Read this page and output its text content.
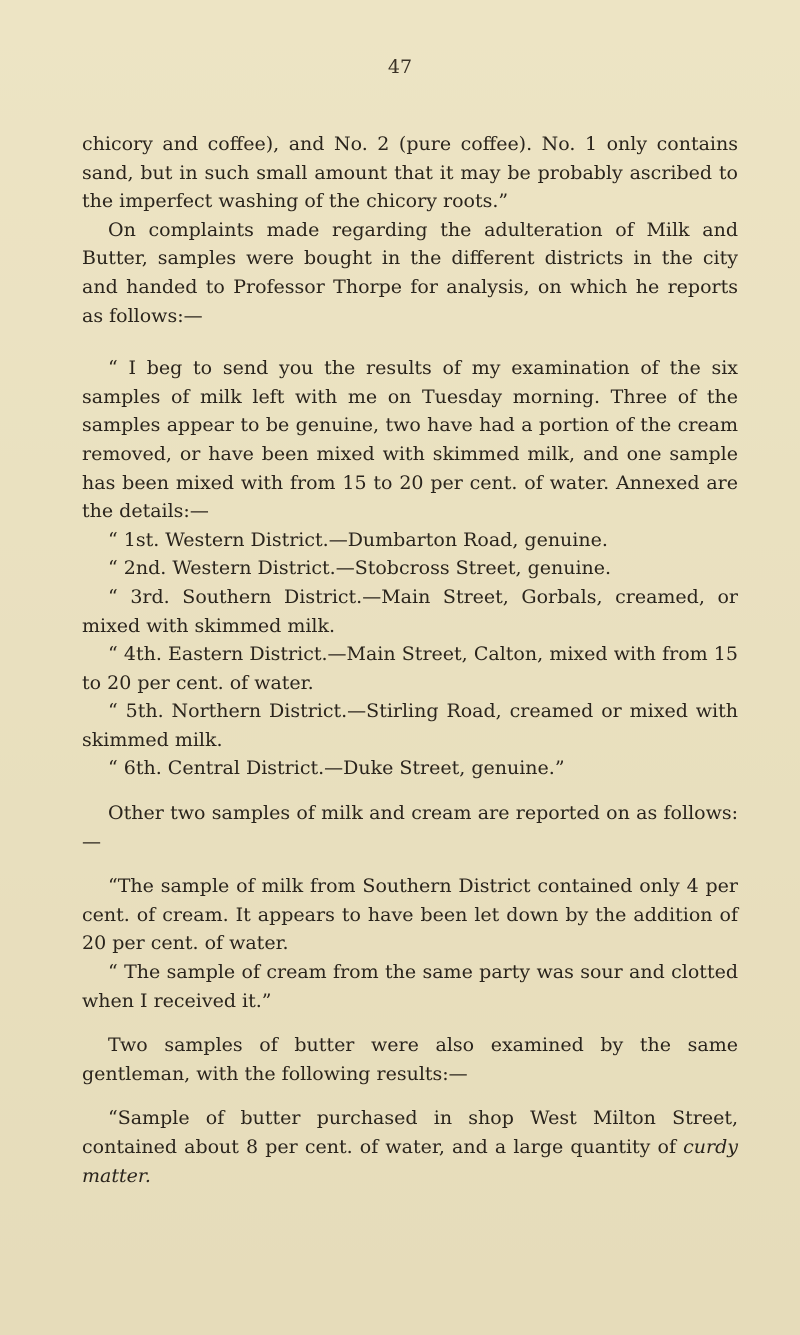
47

chicory and coffee), and No. 2 (pure coffee). No. 1 only contains sand, but in such small amount that it may be probably ascribed to the imperfect washing of the chicory roots.”

On complaints made regarding the adulteration of Milk and Butter, samples were bought in the different districts in the city and handed to Professor Thorpe for analysis, on which he reports as follows:—

“ I beg to send you the results of my examination of the six samples of milk left with me on Tuesday morning. Three of the samples appear to be genuine, two have had a portion of the cream removed, or have been mixed with skimmed milk, and one sample has been mixed with from 15 to 20 per cent. of water. Annexed are the details:—

“ 1st. Western District.—Dumbarton Road, genuine.

“ 2nd. Western District.—Stobcross Street, genuine.

“ 3rd. Southern District.—Main Street, Gorbals, creamed, or mixed with skimmed milk.

“ 4th. Eastern District.—Main Street, Calton, mixed with from 15 to 20 per cent. of water.

“ 5th. Northern District.—Stirling Road, creamed or mixed with skimmed milk.

“ 6th. Central District.—Duke Street, genuine.”

Other two samples of milk and cream are reported on as follows:—

“The sample of milk from Southern District contained only 4 per cent. of cream. It appears to have been let down by the addition of 20 per cent. of water.

“ The sample of cream from the same party was sour and clotted when I received it.”

Two samples of butter were also examined by the same gentleman, with the following results:—

“Sample of butter purchased in shop West Milton Street, contained about 8 per cent. of water, and a large quantity of curdy matter.
